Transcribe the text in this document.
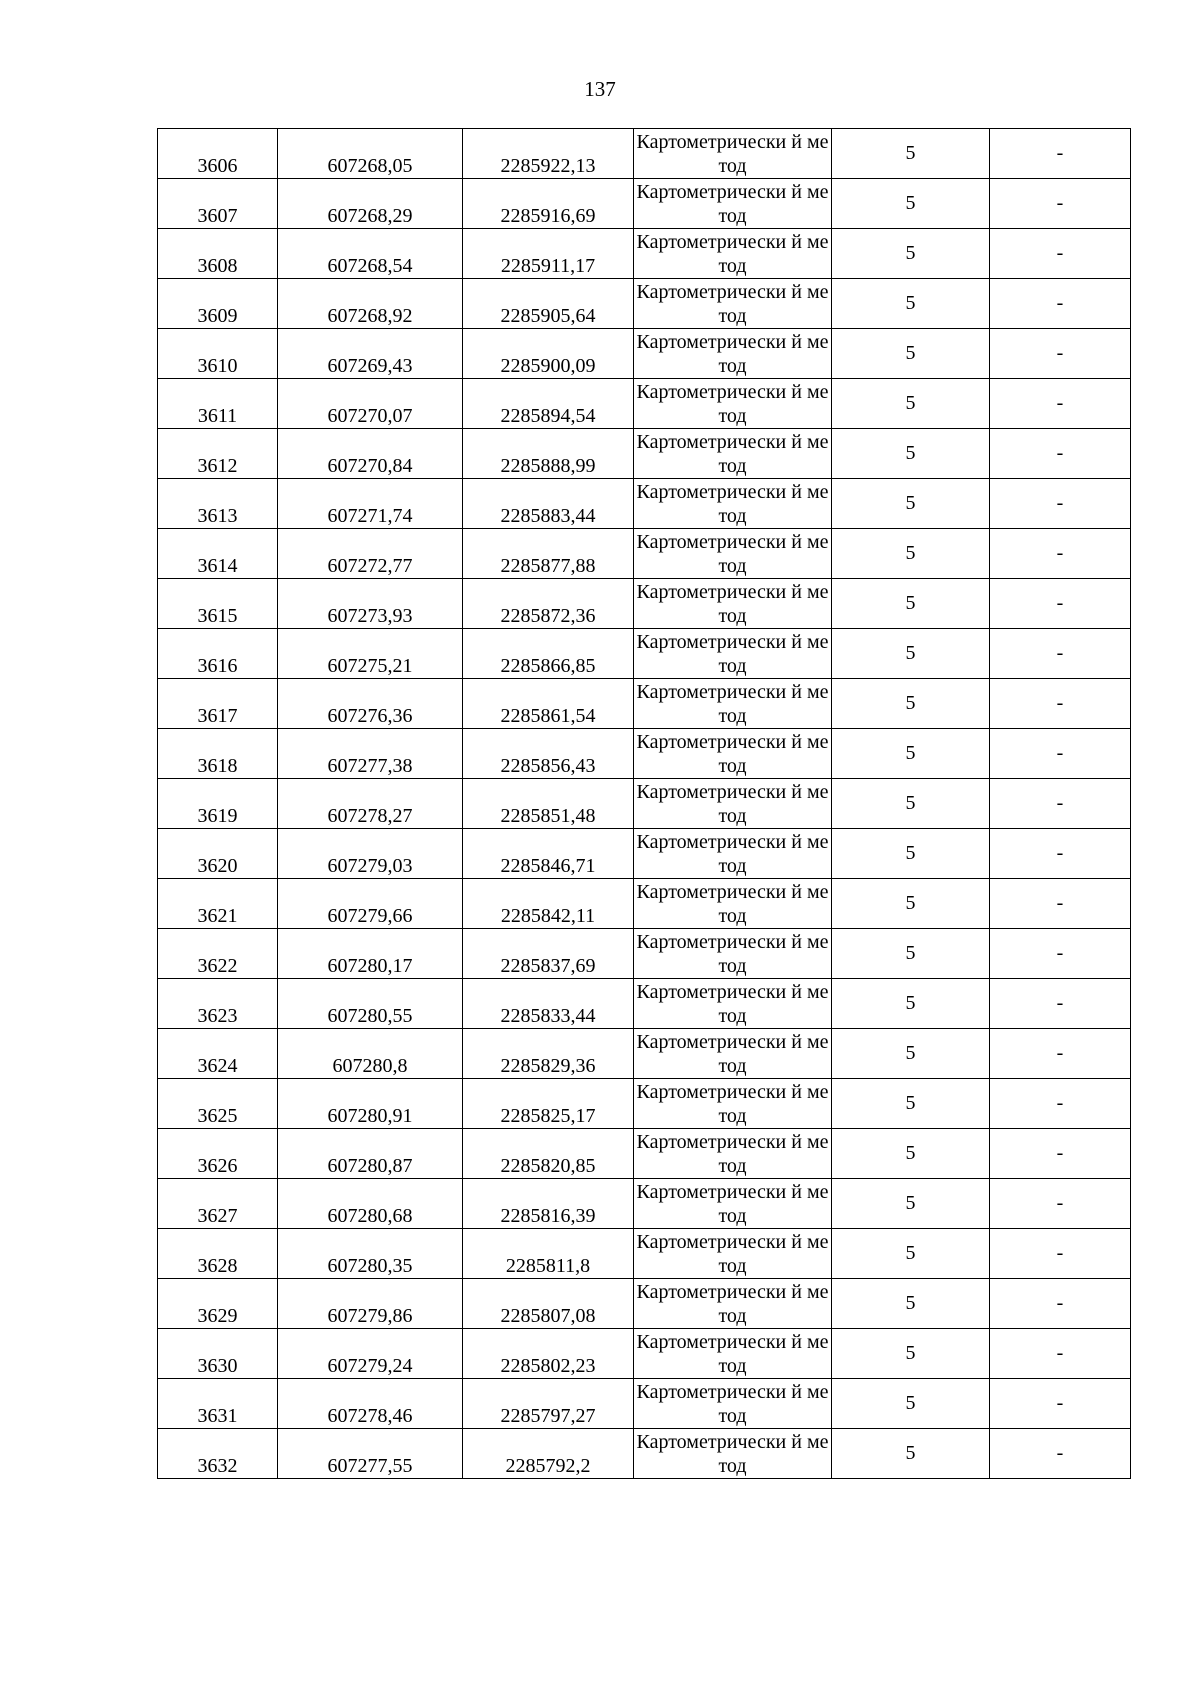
137
3606	607268,05	2285922,13	Картометрически й метод	5	-
3607	607268,29	2285916,69	Картометрически й метод	5	-
3608	607268,54	2285911,17	Картометрически й метод	5	-
3609	607268,92	2285905,64	Картометрически й метод	5	-
3610	607269,43	2285900,09	Картометрически й метод	5	-
3611	607270,07	2285894,54	Картометрически й метод	5	-
3612	607270,84	2285888,99	Картометрически й метод	5	-
3613	607271,74	2285883,44	Картометрически й метод	5	-
3614	607272,77	2285877,88	Картометрически й метод	5	-
3615	607273,93	2285872,36	Картометрически й метод	5	-
3616	607275,21	2285866,85	Картометрически й метод	5	-
3617	607276,36	2285861,54	Картометрически й метод	5	-
3618	607277,38	2285856,43	Картометрически й метод	5	-
3619	607278,27	2285851,48	Картометрически й метод	5	-
3620	607279,03	2285846,71	Картометрически й метод	5	-
3621	607279,66	2285842,11	Картометрически й метод	5	-
3622	607280,17	2285837,69	Картометрически й метод	5	-
3623	607280,55	2285833,44	Картометрически й метод	5	-
3624	607280,8	2285829,36	Картометрически й метод	5	-
3625	607280,91	2285825,17	Картометрически й метод	5	-
3626	607280,87	2285820,85	Картометрически й метод	5	-
3627	607280,68	2285816,39	Картометрически й метод	5	-
3628	607280,35	2285811,8	Картометрически й метод	5	-
3629	607279,86	2285807,08	Картометрически й метод	5	-
3630	607279,24	2285802,23	Картометрически й метод	5	-
3631	607278,46	2285797,27	Картометрически й метод	5	-
3632	607277,55	2285792,2	Картометрически й метод	5	-
